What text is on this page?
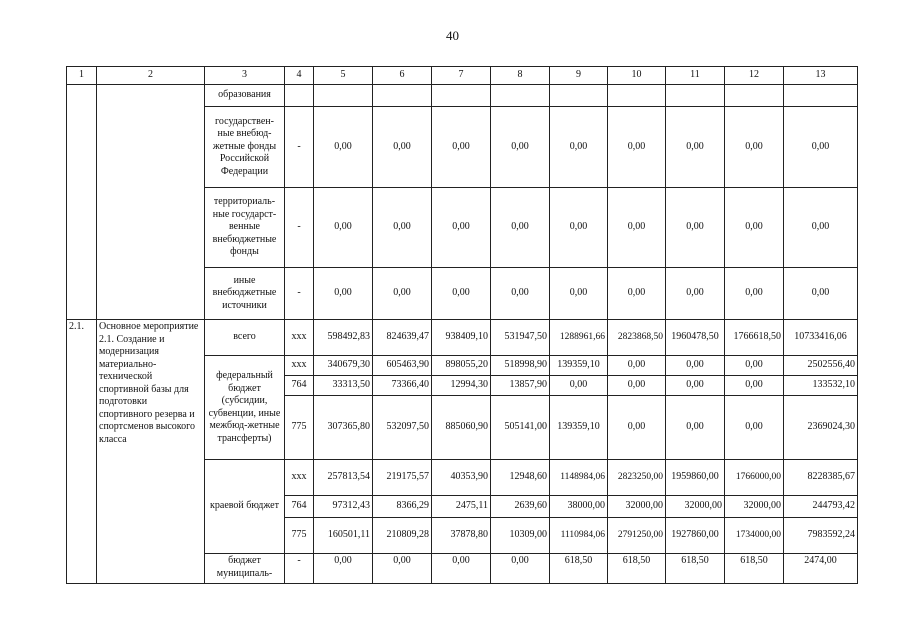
40
1	2	3	4	5	6	7	8	9	10	11	12	13
		образования										
		государствен-ные внебюд-жетные фонды Российской Федерации	-	0,00	0,00	0,00	0,00	0,00	0,00	0,00	0,00	0,00
		территориаль-ные государст-венные внебюджетные фонды	-	0,00	0,00	0,00	0,00	0,00	0,00	0,00	0,00	0,00
		иные внебюджетные источники	-	0,00	0,00	0,00	0,00	0,00	0,00	0,00	0,00	0,00
2.1.	Основное мероприятие 2.1. Создание и модернизация материально-технической спортивной базы для подготовки спортивного резерва и спортсменов высокого класса	всего	ххх	598492,83	824639,47	938409,10	531947,50	1288961,66	2823868,50	1960478,50	1766618,50	10733416,06
		федеральный бюджет (субсидии, субвенции, иные межбюд-жетные трансферты)	ххх	340679,30	605463,90	898055,20	518998,90	139359,10	0,00	0,00	0,00	2502556,40
			764	33313,50	73366,40	12994,30	13857,90	0,00	0,00	0,00	0,00	133532,10
			775	307365,80	532097,50	885060,90	505141,00	139359,10	0,00	0,00	0,00	2369024,30
		краевой бюджет	ххх	257813,54	219175,57	40353,90	12948,60	1148984,06	2823250,00	1959860,00	1766000,00	8228385,67
			764	97312,43	8366,29	2475,11	2639,60	38000,00	32000,00	32000,00	32000,00	244793,42
			775	160501,11	210809,28	37878,80	10309,00	1110984,06	2791250,00	1927860,00	1734000,00	7983592,24
		бюджет муниципаль-	-	0,00	0,00	0,00	0,00	618,50	618,50	618,50	618,50	2474,00
